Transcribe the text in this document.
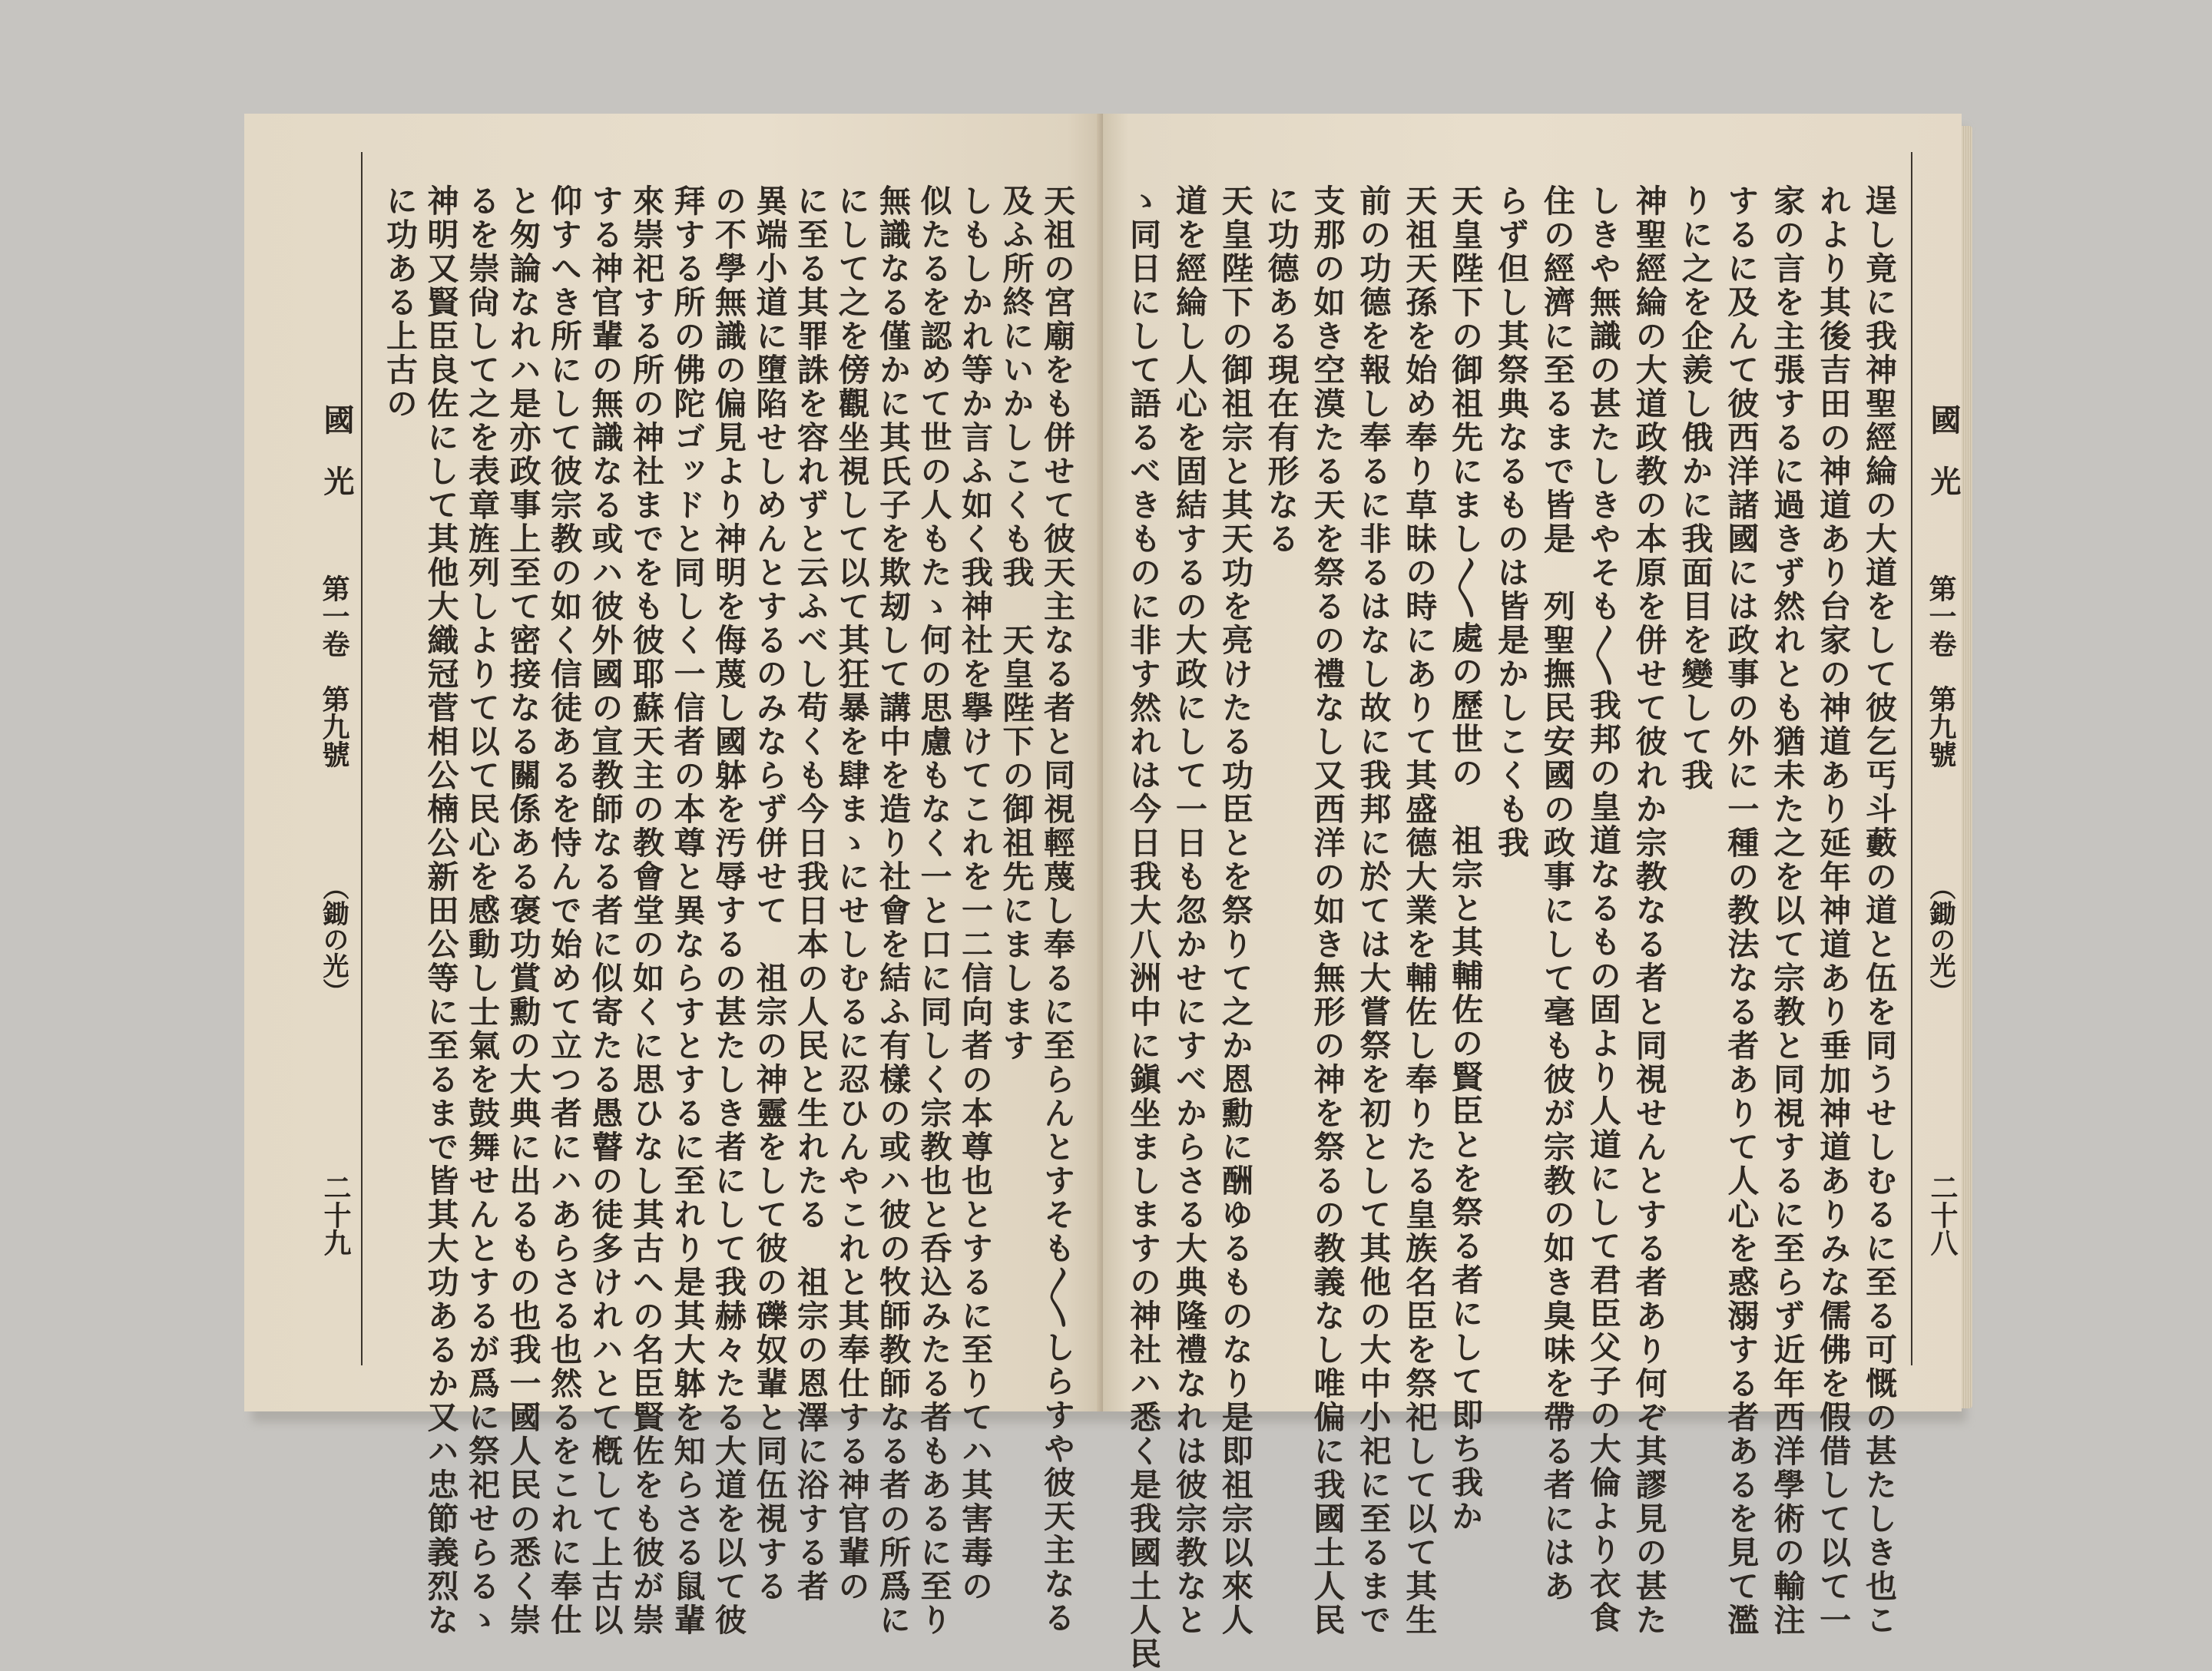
天祖の宮廟をも併せて彼天主なる者と同視輕蔑し奉るに至らんとすそも〳〵しらすや彼天主なる
及ふ所終にいかしこくも我　天皇陛下の御祖先にまします
しもしかれ等か言ふ如く我神社を擧けてこれを一二信向者の本尊也とするに至りてハ其害毒の
似たるを認めて世の人もたゝ何の思慮もなく一と口に同しく宗教也と呑込みたる者もあるに至り
無識なる僅かに其氏子を欺刼して講中を造り社會を結ふ有樣の或ハ彼の牧師教師なる者の所爲に
にして之を傍觀坐視して以て其狂暴を肆まゝにせしむるに忍ひんやこれと其奉仕する神官輩の
に至る其罪誅を容れずと云ふべし苟くも今日我日本の人民と生れたる　祖宗の恩澤に浴する者
異端小道に墮陷せしめんとするのみならず併せて　祖宗の神靈をして彼の礫奴輩と同伍視する
の不學無識の偏見より神明を侮蔑し國躰を汚辱するの甚たしき者にして我赫々たる大道を以て彼
拜する所の佛陀ゴッドと同しく一信者の本尊と異ならすとするに至れり是其大躰を知らさる鼠輩
來崇祀する所の神社までをも彼耶蘇天主の教會堂の如くに思ひなし其古への名臣賢佐をも彼が崇
する神官輩の無識なる或ハ彼外國の宣教師なる者に似寄たる愚瞽の徒多けれハとて槪して上古以
仰すへき所にして彼宗教の如く信徒あるを恃んで始めて立つ者にハあらさる也然るをこれに奉仕
と匆論なれハ是亦政事上至て密接なる關係ある褒功賞勳の大典に出るもの也我一國人民の悉く崇
るを崇尙して之を表章旌列しよりて以て民心を感動し士氣を鼓舞せんとするが爲に祭祀せらるゝ
神明又賢臣良佐にして其他大織冠菅相公楠公新田公等に至るまで皆其大功あるか又ハ忠節義烈な
に功ある上古の
國　光
第一卷　第九號
（鋤の光）
二十九	逞し竟に我神聖經綸の大道をして彼乞丐斗藪の道と伍を同うせしむるに至る可慨の甚たしき也こ
れより其後吉田の神道あり台家の神道あり延年神道あり垂加神道ありみな儒佛を假借して以て一
家の言を主張するに過きず然れとも猶未た之を以て宗教と同視するに至らず近年西洋學術の輸注
するに及んて彼西洋諸國には政事の外に一種の教法なる者ありて人心を惑溺する者あるを見て濫
りに之を企羨し俄かに我面目を變して我
神聖經綸の大道政教の本原を併せて彼れか宗教なる者と同視せんとする者あり何ぞ其謬見の甚た
しきや無識の甚たしきやそも〳〵我邦の皇道なるもの固より人道にして君臣父子の大倫より衣食
住の經濟に至るまで皆是　列聖撫民安國の政事にして毫も彼が宗教の如き臭味を帶る者にはあ
らず但し其祭典なるものは皆是かしこくも我
天皇陛下の御祖先にまし〳〵處の歷世の　祖宗と其輔佐の賢臣とを祭る者にして即ち我か
天祖天孫を始め奉り草昧の時にありて其盛德大業を輔佐し奉りたる皇族名臣を祭祀して以て其生
前の功德を報し奉るに非るはなし故に我邦に於ては大嘗祭を初として其他の大中小祀に至るまで
支那の如き空漠たる天を祭るの禮なし又西洋の如き無形の神を祭るの教義なし唯偏に我國土人民
に功德ある現在有形なる
天皇陛下の御祖宗と其天功を亮けたる功臣とを祭りて之か恩勳に酬ゆるものなり是即祖宗以來人
道を經綸し人心を固結するの大政にして一日も忽かせにすべからさる大典隆禮なれは彼宗教なと
ゝ同日にして語るべきものに非す然れは今日我大八洲中に鎭坐ましますの神社ハ悉く是我國土人民	國　光
第一卷　第九號
（鋤の光）
二十八
